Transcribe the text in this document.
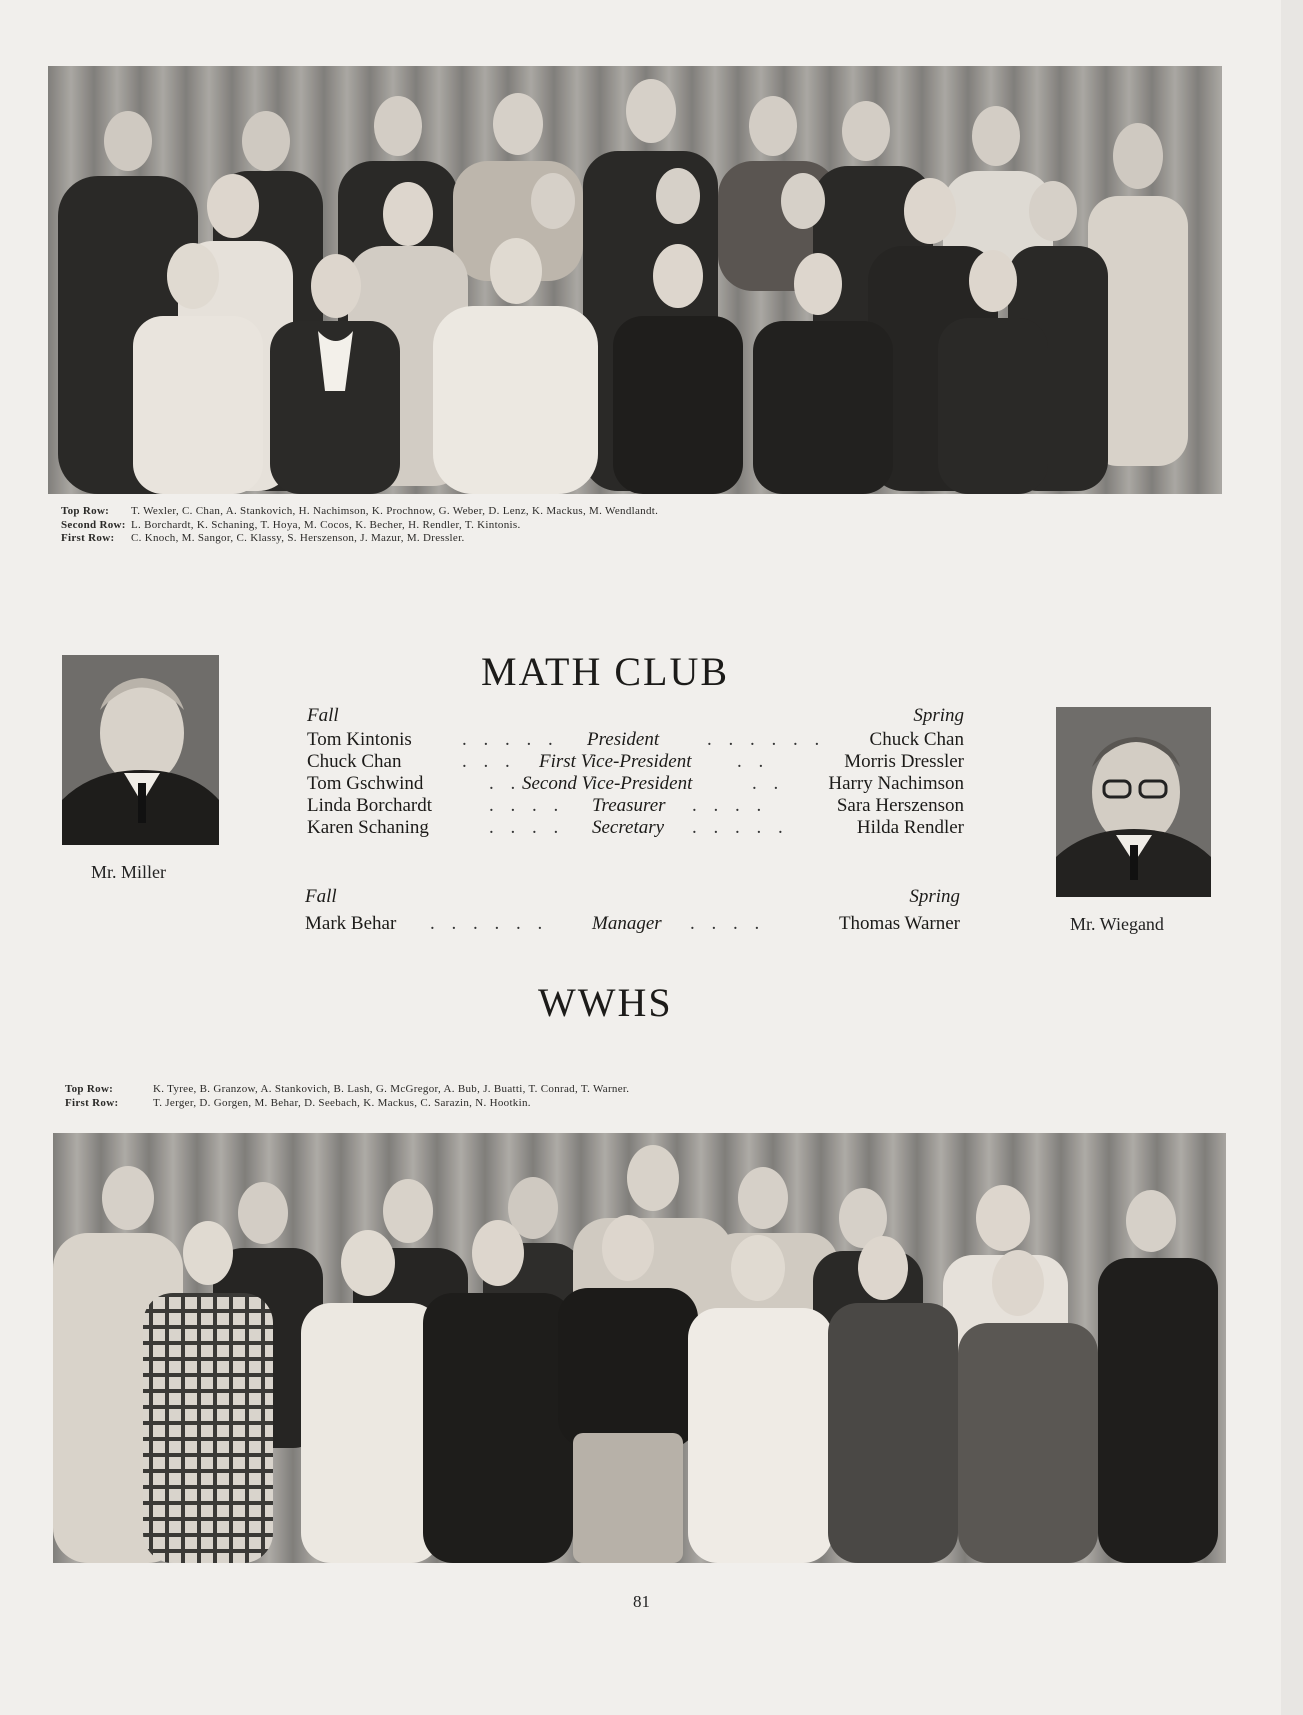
Top Row: T. Wexler, C. Chan, A. Stankovich, H. Nachimson, K. Prochnow, G. Weber, D. Lenz, K. Mackus, M. Wendlandt.
Second Row: L. Borchardt, K. Schaning, T. Hoya, M. Cocos, K. Becher, H. Rendler, T. Kintonis.
First Row: C. Knoch, M. Sangor, C. Klassy, S. Herszenson, J. Mazur, M. Dressler.
Mr. Miller
Mr. Wiegand
MATH CLUB
Fall	Spring
Tom Kintonis	. . . . . President	. . . . . . Chuck Chan
Chuck Chan	. . . First Vice-President . .	Morris Dressler
Tom Gschwind	. . Second Vice-President	. . Harry Nachimson
Linda Borchardt	. . . . Treasurer . . . .	Sara Herszenson
Karen Schaning	. . . . Secretary . . . . .	Hilda Rendler
Fall	Spring
Mark Behar . . . . . . Manager . . . .	Thomas Warner
WWHS
Top Row:	K. Tyree, B. Granzow, A. Stankovich, B. Lash, G. McGregor, A. Bub, J. Buatti, T. Conrad, T. Warner.
First Row:	T. Jerger, D. Gorgen, M. Behar, D. Seebach, K. Mackus, C. Sarazin, N. Hootkin.
81
